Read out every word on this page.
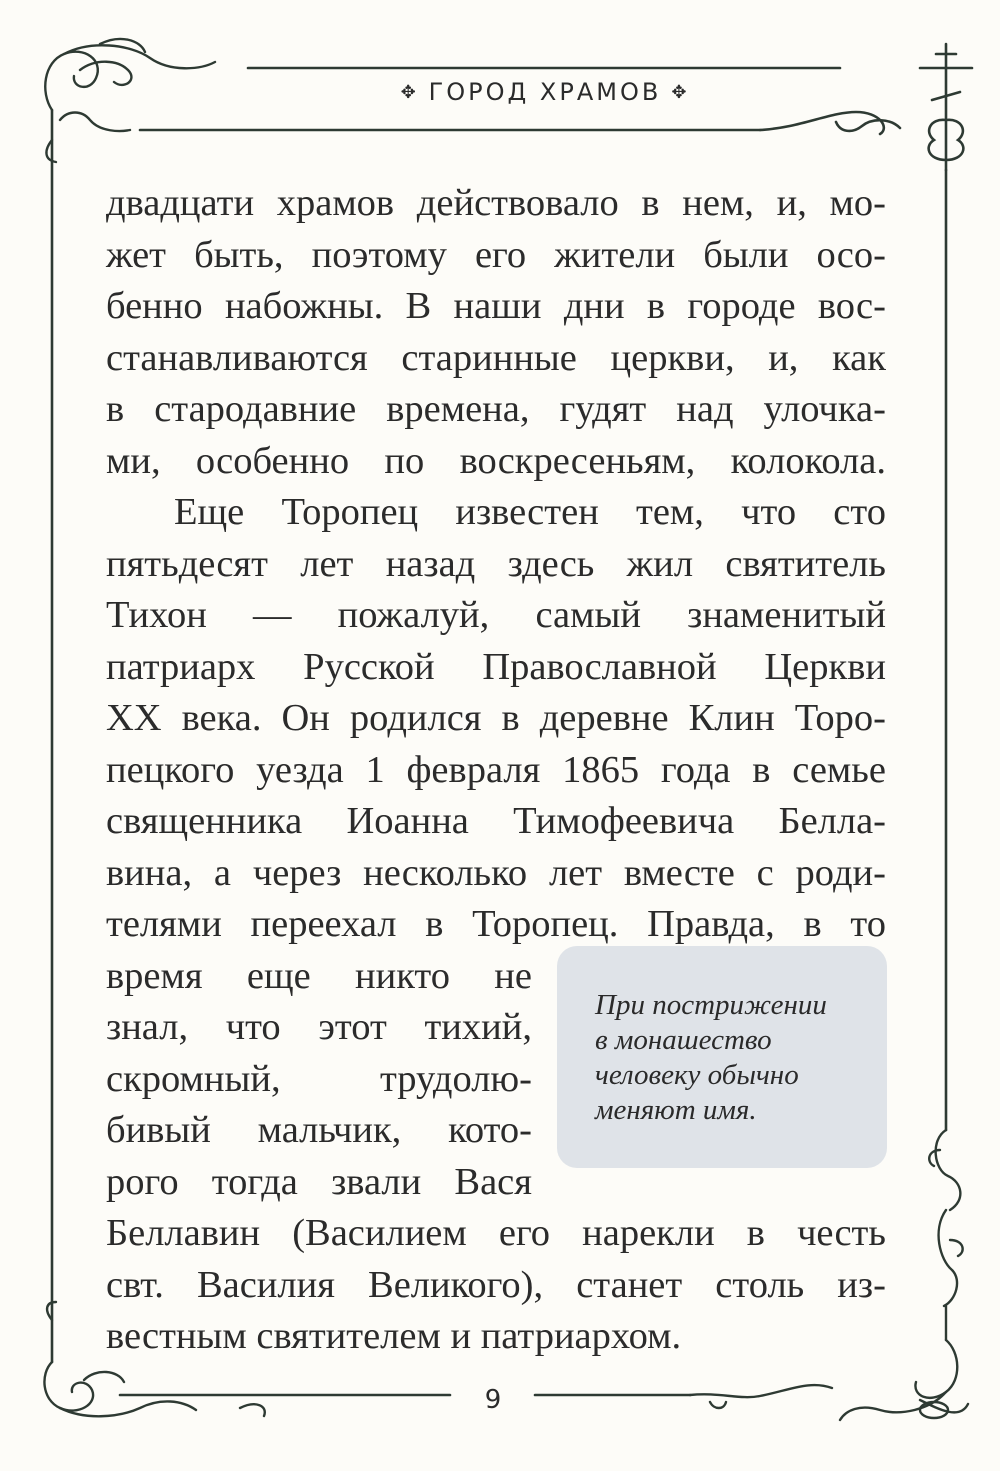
✥ ГОРОД ХРАМОВ ✥
двадцати храмов действовало в нем, и, мо-
жет быть, поэтому его жители были осо-
бенно набожны. В наши дни в городе вос-
станавливаются старинные церкви, и, как
в стародавние времена, гудят над улочка-
ми, особенно по воскресеньям, колокола.
Еще Торопец известен тем, что сто
пятьдесят лет назад здесь жил святитель
Тихон — пожалуй, самый знаменитый
патриарх Русской Православной Церкви
XX века. Он родился в деревне Клин Торо-
пецкого уезда 1 февраля 1865 года в семье
священника Иоанна Тимофеевича Белла-
вина, а через несколько лет вместе с роди-
телями переехал в Торопец. Правда, в то
время еще никто не
знал, что этот тихий,
скромный,	трудолю-
бивый мальчик, кото-
рого тогда звали Вася
Беллавин (Василием его нарекли в честь
свт. Василия Великого), станет столь из-
вестным святителем и патриархом.
При пострижении
в монашество
человеку обычно
меняют имя.
9
